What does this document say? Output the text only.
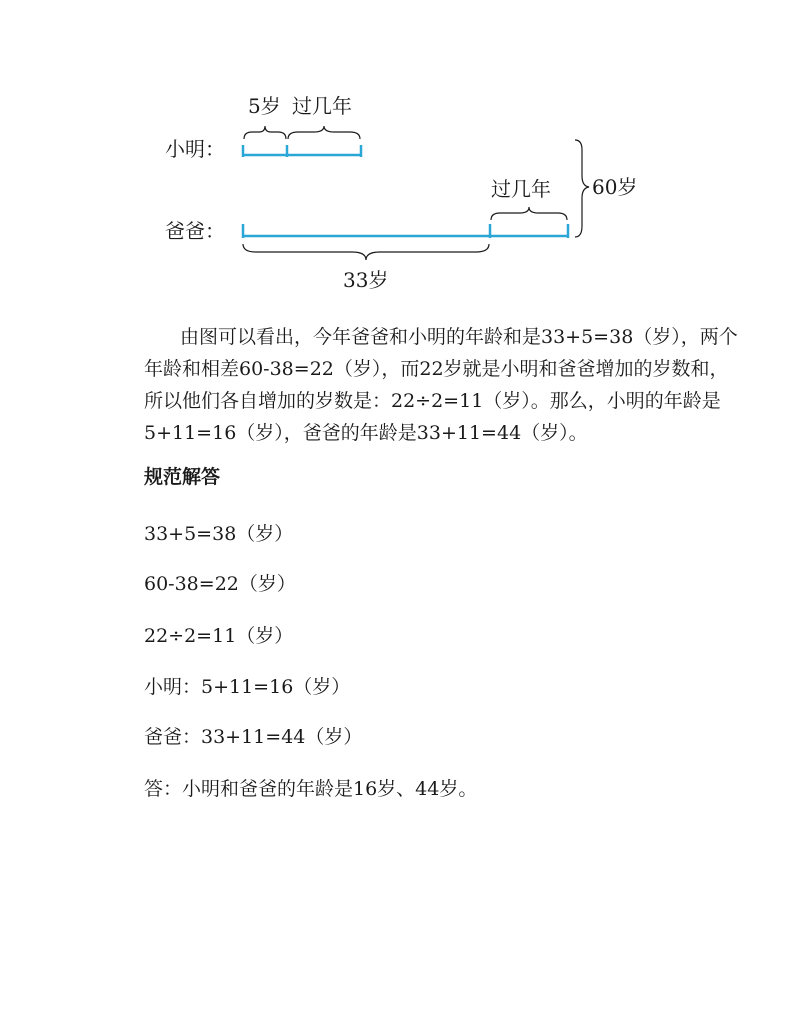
小明：
爸爸：
5岁 过几年
过几年 60岁
33岁
由图可以看出，今年爸爸和小明的年龄和是33+5=38（岁），两个
年龄和相差60-38=22（岁），而22岁就是小明和爸爸增加的岁数和，
所以他们各自增加的岁数是：22÷2=11（岁）。那么，小明的年龄是
5+11=16（岁），爸爸的年龄是33+11=44（岁）。

规范解答

33+5=38（岁）

60-38=22（岁）

22÷2=11（岁）

小明：5+11=16（岁）

爸爸：33+11=44（岁）

答：小明和爸爸的年龄是16岁、44岁。
